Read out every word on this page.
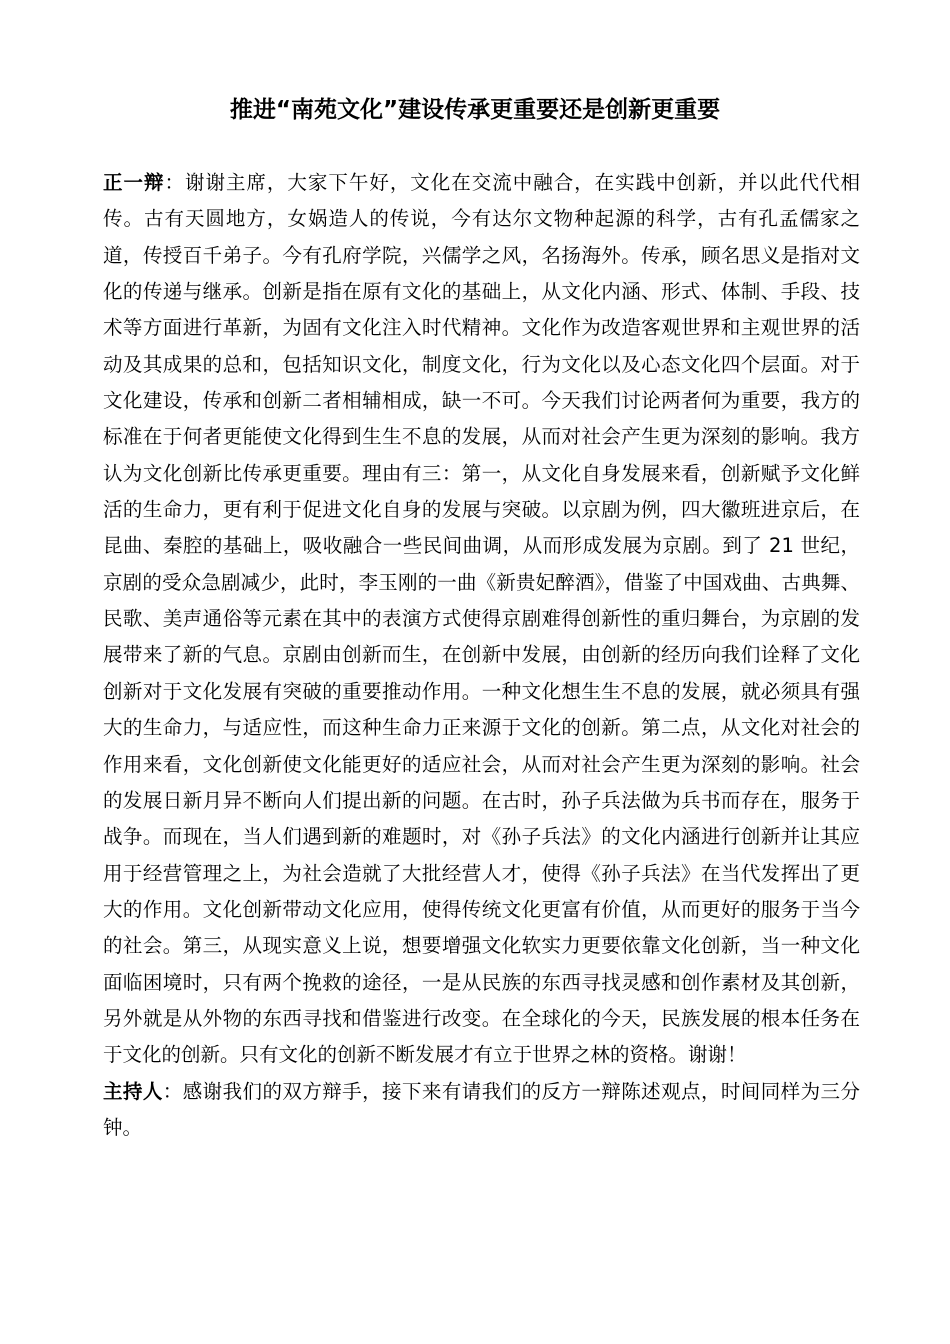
推进“南苑文化”建设传承更重要还是创新更重要

正一辩：谢谢主席，大家下午好，文化在交流中融合，在实践中创新，并以此代代相传。古有天圆地方，女娲造人的传说，今有达尔文物种起源的科学，古有孔孟儒家之道，传授百千弟子。今有孔府学院，兴儒学之风，名扬海外。传承，顾名思义是指对文化的传递与继承。创新是指在原有文化的基础上，从文化内涵、形式、体制、手段、技术等方面进行革新，为固有文化注入时代精神。文化作为改造客观世界和主观世界的活动及其成果的总和，包括知识文化，制度文化，行为文化以及心态文化四个层面。对于文化建设，传承和创新二者相辅相成，缺一不可。今天我们讨论两者何为重要，我方的标准在于何者更能使文化得到生生不息的发展，从而对社会产生更为深刻的影响。我方认为文化创新比传承更重要。理由有三：第一，从文化自身发展来看，创新赋予文化鲜活的生命力，更有利于促进文化自身的发展与突破。以京剧为例，四大徽班进京后，在昆曲、秦腔的基础上，吸收融合一些民间曲调，从而形成发展为京剧。到了 21 世纪，京剧的受众急剧减少，此时，李玉刚的一曲《新贵妃醉酒》，借鉴了中国戏曲、古典舞、民歌、美声通俗等元素在其中的表演方式使得京剧难得创新性的重归舞台，为京剧的发展带来了新的气息。京剧由创新而生，在创新中发展，由创新的经历向我们诠释了文化创新对于文化发展有突破的重要推动作用。一种文化想生生不息的发展，就必须具有强大的生命力，与适应性，而这种生命力正来源于文化的创新。第二点，从文化对社会的作用来看，文化创新使文化能更好的适应社会，从而对社会产生更为深刻的影响。社会的发展日新月异不断向人们提出新的问题。在古时，孙子兵法做为兵书而存在，服务于战争。而现在，当人们遇到新的难题时，对《孙子兵法》的文化内涵进行创新并让其应用于经营管理之上，为社会造就了大批经营人才，使得《孙子兵法》在当代发挥出了更大的作用。文化创新带动文化应用，使得传统文化更富有价值，从而更好的服务于当今的社会。第三，从现实意义上说，想要增强文化软实力更要依靠文化创新，当一种文化面临困境时，只有两个挽救的途径，一是从民族的东西寻找灵感和创作素材及其创新，另外就是从外物的东西寻找和借鉴进行改变。在全球化的今天，民族发展的根本任务在于文化的创新。只有文化的创新不断发展才有立于世界之林的资格。谢谢！

主持人：感谢我们的双方辩手，接下来有请我们的反方一辩陈述观点，时间同样为三分钟。
